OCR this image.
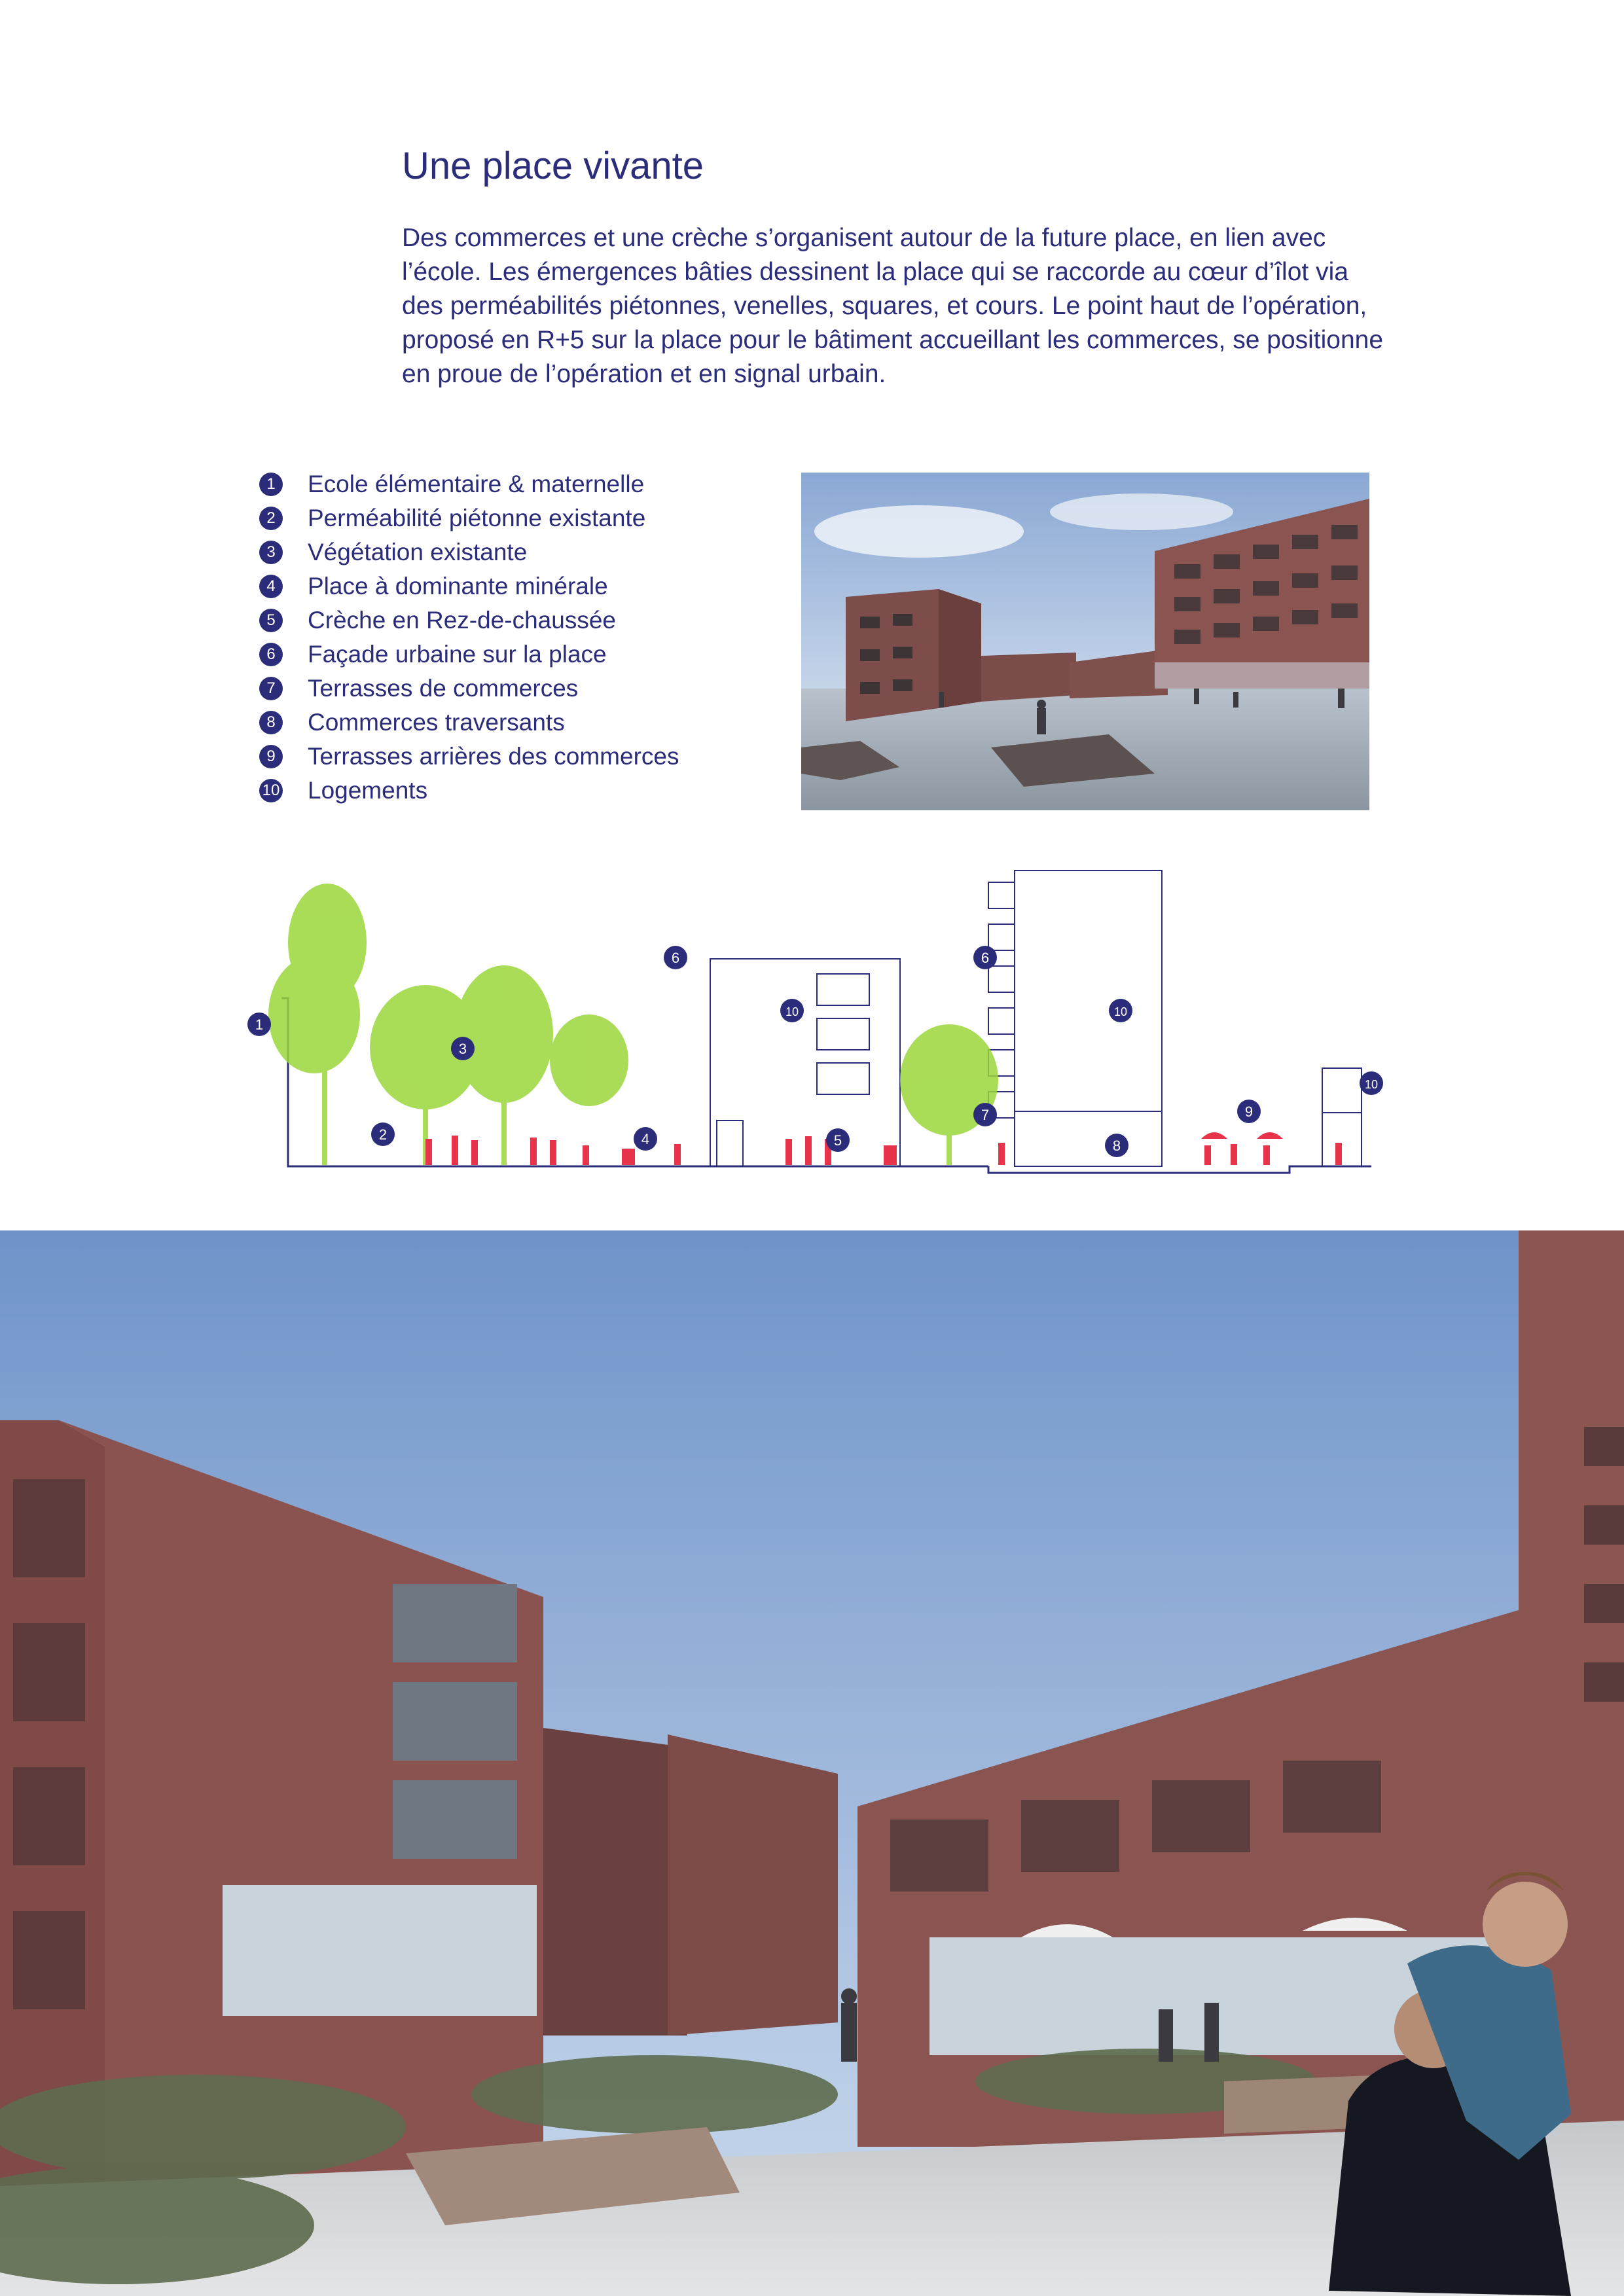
Une place vivante

Des commerces et une crèche s’organisent autour de la future place, en lien avec l’école. Les émergences bâties dessinent la place qui se raccorde au cœur d’îlot via des perméabilités piétonnes, venelles, squares, et cours. Le point haut de l’opération, proposé en R+5 sur la place pour le bâtiment accueillant les commerces, se positionne en proue de l’opération et en signal urbain.

1	Ecole élémentaire & maternelle
2	Perméabilité piétonne existante
3	Végétation existante
4	Place à dominante minérale
5	Crèche en Rez-de-chaussée
6	Façade urbaine sur la place
7	Terrasses de commerces
8	Commerces traversants
9	Terrasses arrières des commerces
10 Logements
1
2
3
4	5
6
10
6
10
7
8
9
10
